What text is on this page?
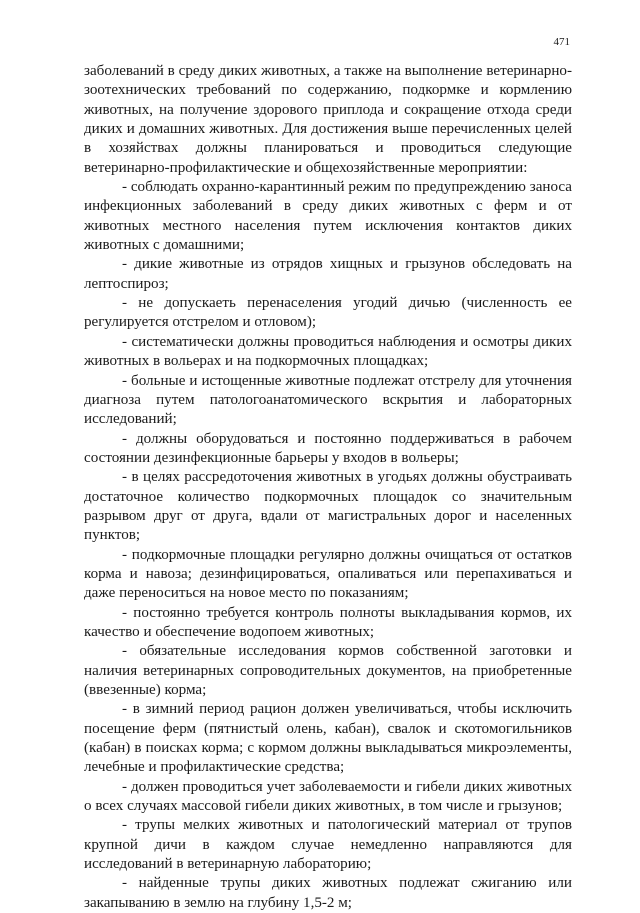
471

заболеваний в среду диких животных, а также на выполнение ветеринарно-зоотехнических требований по содержанию, подкормке и кормлению животных, на получение здорового приплода и сокращение отхода среди диких и домашних животных. Для достижения выше перечисленных целей в хозяйствах должны планироваться и проводиться следующие ветеринарно-профилактические и общехозяйственные мероприятии:

- соблюдать охранно-карантинный режим по предупреждению заноса инфекционных заболеваний в среду диких животных с ферм и от животных местного населения путем исключения контактов диких животных с домашними;

- дикие животные из отрядов хищных и грызунов обследовать на лептоспироз;

- не допускаеть перенаселения угодий дичью (численность ее регулируется отстрелом и отловом);

- систематически должны проводиться наблюдения и осмотры диких животных в вольерах и на подкормочных площадках;

- больные и истощенные животные подлежат отстрелу для уточнения диагноза путем патологоанатомического вскрытия и лабораторных исследований;

- должны оборудоваться и постоянно поддерживаться в рабочем состоянии дезинфекционные барьеры у входов в вольеры;

- в целях рассредоточения животных в угодьях должны обустраивать достаточное количество подкормочных площадок со значительным разрывом друг от друга, вдали от магистральных дорог и населенных пунктов;

- подкормочные площадки регулярно должны очищаться от остатков корма и навоза; дезинфицироваться, опаливаться или перепахиваться и даже переноситься на новое место по показаниям;

- постоянно требуется контроль полноты выкладывания кормов, их качество и обеспечение водопоем животных;

- обязательные исследования кормов собственной заготовки и наличия ветеринарных сопроводительных документов, на приобретенные (ввезенные) корма;

- в зимний период рацион должен увеличиваться, чтобы исключить посещение ферм (пятнистый олень, кабан), свалок и скотомогильников (кабан) в поисках корма; с кормом должны выкладываться микроэлементы, лечебные и профилактические средства;

- должен проводиться учет заболеваемости и гибели диких животных о всех случаях массовой гибели диких животных, в том числе и грызунов;

- трупы мелких животных и патологический материал от трупов крупной дичи в каждом случае немедленно направляются для исследований в ветеринарную лабораторию;

- найденные трупы диких животных подлежат сжиганию или закапыванию в землю на глубину 1,5-2 м;
